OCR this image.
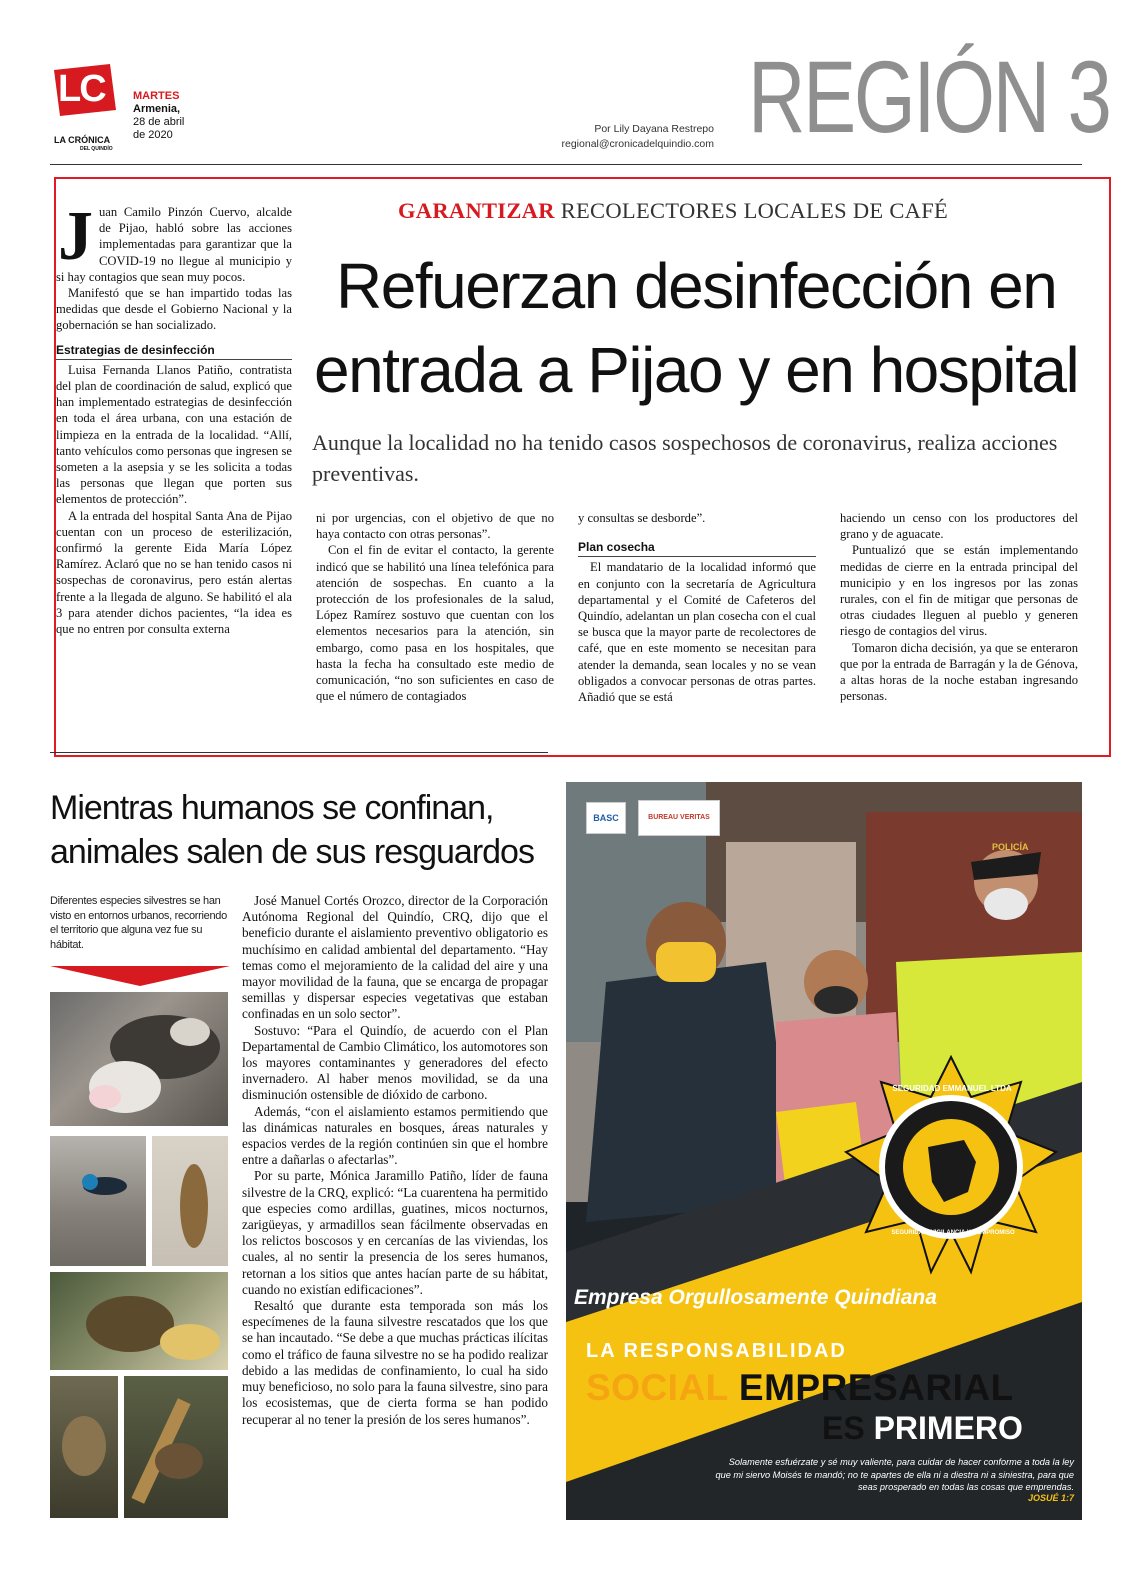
LC
LA CRÓNICA
DEL QUINDÍO
MARTES
Armenia,
28 de abril
de 2020	Por Lily Dayana Restrepo
regional@cronicadelquindio.com REGIÓN 3
J uan Camilo Pinzón Cuervo, alcalde de Pijao, habló sobre las acciones implementadas para garantizar que la COVID-19 no llegue al municipio y si hay contagios que sean muy pocos.

Manifestó que se han impartido todas las medidas que desde el Gobierno Nacional y la gobernación se han socializado.

Estrategias de desinfección

Luisa Fernanda Llanos Patiño, contratista del plan de coordinación de salud, explicó que han implementado estrategias de desinfección en toda el área urbana, con una estación de limpieza en la entrada de la localidad. “Allí, tanto vehículos como personas que ingresen se someten a la asepsia y se les solicita a todas las personas que llegan que porten sus elementos de protección”.

A la entrada del hospital Santa Ana de Pijao cuentan con un proceso de esterilización, confirmó la gerente Eida María López Ramírez. Aclaró que no se han tenido casos ni sospechas de coronavirus, pero están alertas frente a la llegada de alguno. Se habilitó el ala 3 para atender dichos pacientes, “la idea es que no entren por consulta externa

GARANTIZAR RECOLECTORES LOCALES DE CAFÉ
Refuerzan desinfección en
entrada a Pijao y en hospital
Aunque la localidad no ha tenido casos sospechosos de coronavirus, realiza acciones preventivas.

ni por urgencias, con el objetivo de que no haya contacto con otras personas”.

Con el fin de evitar el contacto, la gerente indicó que se habilitó una línea telefónica para atención de sospechas. En cuanto a la protección de los profesionales de la salud, López Ramírez sostuvo que cuentan con los elementos necesarios para la atención, sin embargo, como pasa en los hospitales, que hasta la fecha ha consultado este medio de comunicación, “no son suficientes en caso de que el número de contagiados

y consultas se desborde”.

Plan cosecha

El mandatario de la localidad informó que en conjunto con la secretaría de Agricultura departamental y el Comité de Cafeteros del Quindío, adelantan un plan cosecha con el cual se busca que la mayor parte de recolectores de café, que en este momento se necesitan para atender la demanda, sean locales y no se vean obligados a convocar personas de otras partes. Añadió que se está

haciendo un censo con los productores del grano y de aguacate.

Puntualizó que se están implementando medidas de cierre en la entrada principal del municipio y en los ingresos por las zonas rurales, con el fin de mitigar que personas de otras ciudades lleguen al pueblo y generen riesgo de contagios del virus.

Tomaron dicha decisión, ya que se enteraron que por la entrada de Barragán y la de Génova, a altas horas de la noche estaban ingresando personas.

Mientras humanos se confinan,
animales salen de sus resguardos
Diferentes especies silvestres se han visto en entornos urbanos, recorriendo el territorio que alguna vez fue su hábitat.

José Manuel Cortés Orozco, director de la Corporación Autónoma Regional del Quindío, CRQ, dijo que el beneficio durante el aislamiento preventivo obligatorio es muchísimo en calidad ambiental del departamento. “Hay temas como el mejoramiento de la calidad del aire y una mayor movilidad de la fauna, que se encarga de propagar semillas y dispersar especies vegetativas que estaban confinadas en un solo sector”.

Sostuvo: “Para el Quindío, de acuerdo con el Plan Departamental de Cambio Climático, los automotores son los mayores contaminantes y generadores del efecto invernadero. Al haber menos movilidad, se da una disminución ostensible de dióxido de carbono.

Además, “con el aislamiento estamos permitiendo que las dinámicas naturales en bosques, áreas naturales y espacios verdes de la región continúen sin que el hombre entre a dañarlas o afectarlas”.

Por su parte, Mónica Jaramillo Patiño, líder de fauna silvestre de la CRQ, explicó: “La cuarentena ha permitido que especies como ardillas, guatines, micos nocturnos, zarigüeyas, y armadillos sean fácilmente observadas en los relictos boscosos y en cercanías de las viviendas, los cuales, al no sentir la presencia de los seres humanos, retornan a los sitios que antes hacían parte de su hábitat, cuando no existían edificaciones”.

Resaltó que durante esta temporada son más los especímenes de la fauna silvestre rescatados que los que se han incautado. “Se debe a que muchas prácticas ilícitas como el tráfico de fauna silvestre no se ha podido realizar debido a las medidas de confinamiento, lo cual ha sido muy beneficioso, no solo para la fauna silvestre, sino para los ecosistemas, que de cierta forma se han podido recuperar al no tener la presión de los seres humanos”.

BASC	BUREAU VERITAS
POLICÍA
SEGURIDAD EMMANUEL LTDA
SEGURIDAD, VIGILANCIA Y COMPROMISO
Empresa Orgullosamente Quindiana
LA RESPONSABILIDAD
SOCIAL EMPRESARIAL
ES PRIMERO
Solamente esfuérzate y sé muy valiente, para cuidar de hacer conforme a toda la ley que mi siervo Moisés te mandó; no te apartes de ella ni a diestra ni a siniestra, para que seas prosperado en todas las cosas que emprendas.
JOSUÉ 1:7
